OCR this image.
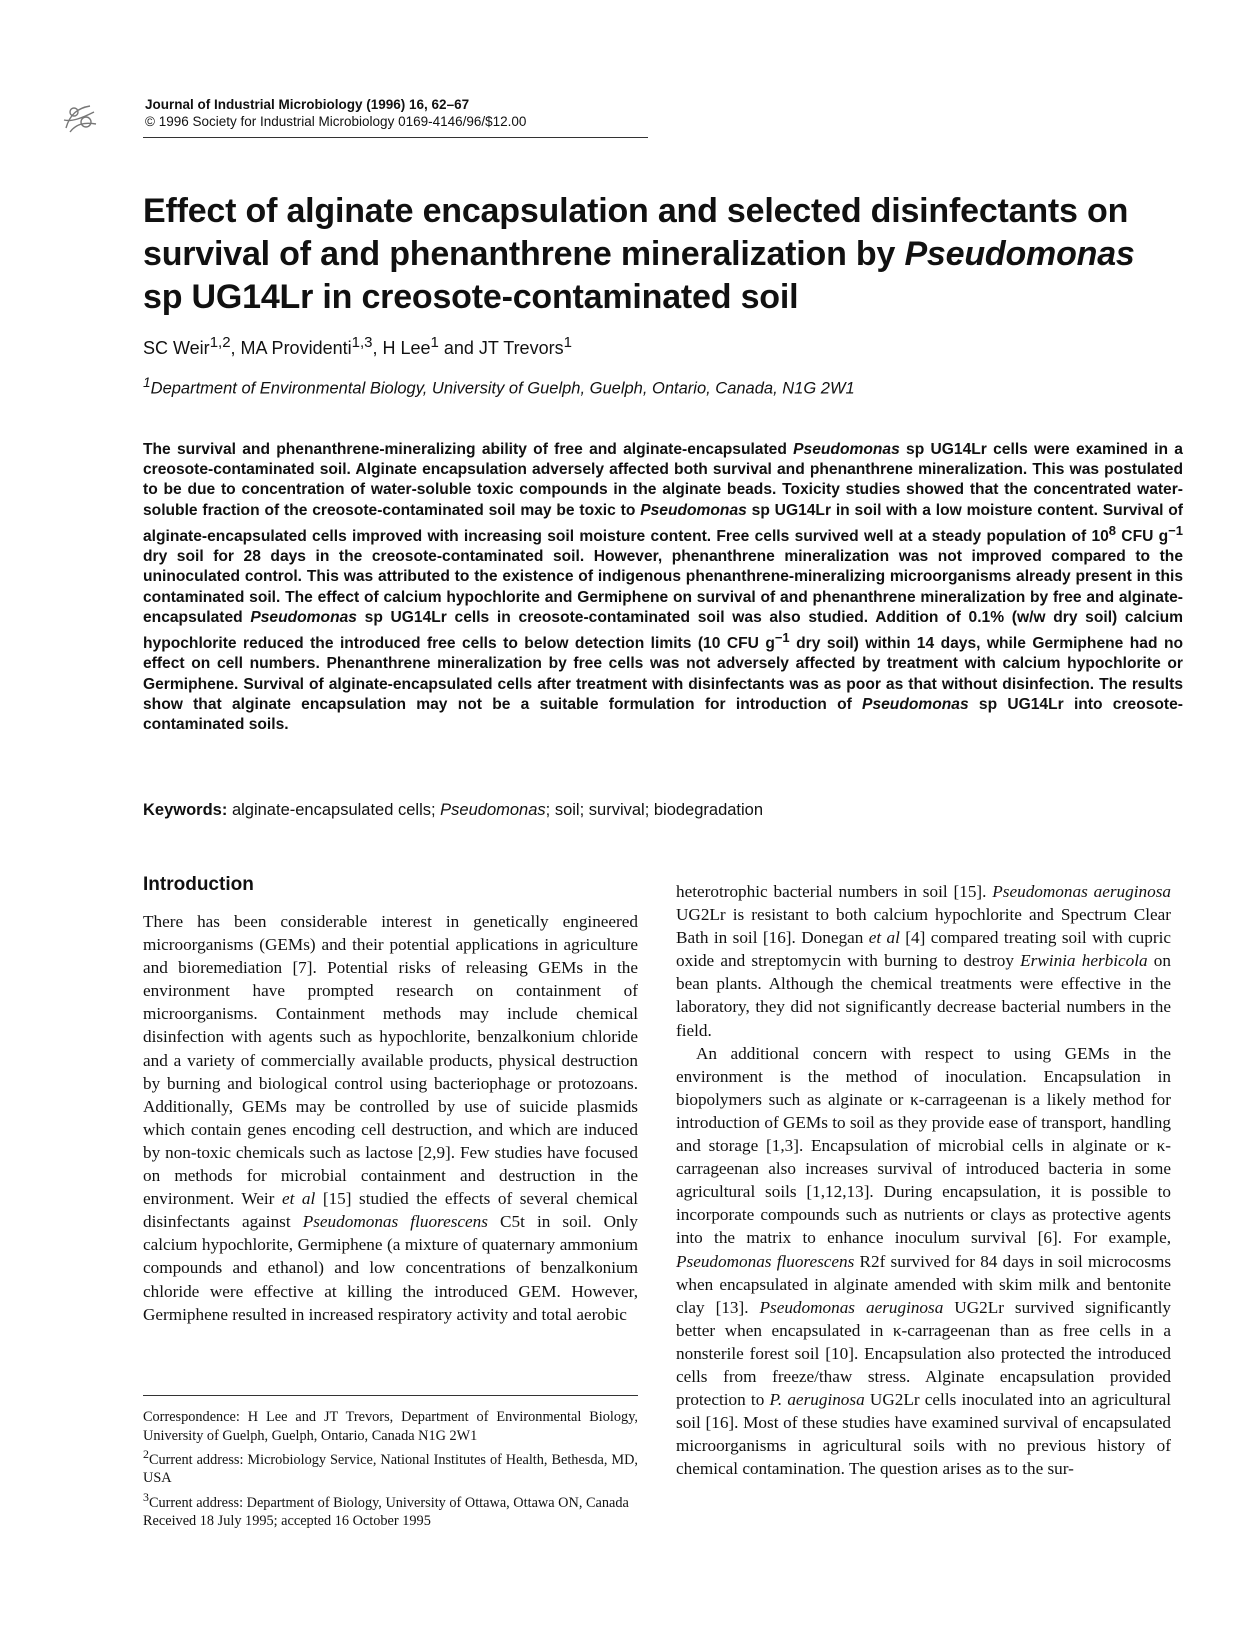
Journal of Industrial Microbiology (1996) 16, 62–67
© 1996 Society for Industrial Microbiology 0169-4146/96/$12.00
Effect of alginate encapsulation and selected disinfectants on survival of and phenanthrene mineralization by Pseudomonas sp UG14Lr in creosote-contaminated soil
SC Weir$^{1,2}$, MA Providenti$^{1,3}$, H Lee$^1$ and JT Trevors$^1$
$^1$Department of Environmental Biology, University of Guelph, Guelph, Ontario, Canada, N1G 2W1

The survival and phenanthrene-mineralizing ability of free and alginate-encapsulated Pseudomonas sp UG14Lr cells were examined in a creosote-contaminated soil. Alginate encapsulation adversely affected both survival and phenanthrene mineralization. This was postulated to be due to concentration of water-soluble toxic compounds in the alginate beads. Toxicity studies showed that the concentrated water-soluble fraction of the creosote-contaminated soil may be toxic to Pseudomonas sp UG14Lr in soil with a low moisture content. Survival of alginate-encapsulated cells improved with increasing soil moisture content. Free cells survived well at a steady population of $10^8$ CFU $g^{-1}$ dry soil for 28 days in the creosote-contaminated soil. However, phenanthrene mineralization was not improved compared to the uninoculated control. This was attributed to the existence of indigenous phenanthrene-mineralizing microorganisms already present in this contaminated soil. The effect of calcium hypochlorite and Germiphene on survival of and phenanthrene mineralization by free and alginate-encapsulated Pseudomonas sp UG14Lr cells in creosote-contaminated soil was also studied. Addition of 0.1% (w/w dry soil) calcium hypochlorite reduced the introduced free cells to below detection limits (10 CFU $g^{-1}$ dry soil) within 14 days, while Germiphene had no effect on cell numbers. Phenanthrene mineralization by free cells was not adversely affected by treatment with calcium hypochlorite or Germiphene. Survival of alginate-encapsulated cells after treatment with disinfectants was as poor as that without disinfection. The results show that alginate encapsulation may not be a suitable formulation for introduction of Pseudomonas sp UG14Lr into creosote-contaminated soils.

Keywords: alginate-encapsulated cells; Pseudomonas; soil; survival; biodegradation
Introduction

There has been considerable interest in genetically engineered microorganisms (GEMs) and their potential applications in agriculture and bioremediation [7]. Potential risks of releasing GEMs in the environment have prompted research on containment of microorganisms. Containment methods may include chemical disinfection with agents such as hypochlorite, benzalkonium chloride and a variety of commercially available products, physical destruction by burning and biological control using bacteriophage or protozoans. Additionally, GEMs may be controlled by use of suicide plasmids which contain genes encoding cell destruction, and which are induced by non-toxic chemicals such as lactose [2,9]. Few studies have focused on methods for microbial containment and destruction in the environment. Weir et al [15] studied the effects of several chemical disinfectants against Pseudomonas fluorescens C5t in soil. Only calcium hypochlorite, Germiphene (a mixture of quaternary ammonium compounds and ethanol) and low concentrations of benzalkonium chloride were effective at killing the introduced GEM. However, Germiphene resulted in increased respiratory activity and total aerobic

Correspondence: H Lee and JT Trevors, Department of Environmental Biology, University of Guelph, Guelph, Ontario, Canada N1G 2W1

$^2$Current address: Microbiology Service, National Institutes of Health, Bethesda, MD, USA

$^3$Current address: Department of Biology, University of Ottawa, Ottawa ON, Canada

Received 18 July 1995; accepted 16 October 1995

heterotrophic bacterial numbers in soil [15]. Pseudomonas aeruginosa UG2Lr is resistant to both calcium hypochlorite and Spectrum Clear Bath in soil [16]. Donegan et al [4] compared treating soil with cupric oxide and streptomycin with burning to destroy Erwinia herbicola on bean plants. Although the chemical treatments were effective in the laboratory, they did not significantly decrease bacterial numbers in the field.

An additional concern with respect to using GEMs in the environment is the method of inoculation. Encapsulation in biopolymers such as alginate or κ-carrageenan is a likely method for introduction of GEMs to soil as they provide ease of transport, handling and storage [1,3]. Encapsulation of microbial cells in alginate or κ-carrageenan also increases survival of introduced bacteria in some agricultural soils [1,12,13]. During encapsulation, it is possible to incorporate compounds such as nutrients or clays as protective agents into the matrix to enhance inoculum survival [6]. For example, Pseudomonas fluorescens R2f survived for 84 days in soil microcosms when encapsulated in alginate amended with skim milk and bentonite clay [13]. Pseudomonas aeruginosa UG2Lr survived significantly better when encapsulated in κ-carrageenan than as free cells in a nonsterile forest soil [10]. Encapsulation also protected the introduced cells from freeze/thaw stress. Alginate encapsulation provided protection to P. aeruginosa UG2Lr cells inoculated into an agricultural soil [16]. Most of these studies have examined survival of encapsulated microorganisms in agricultural soils with no previous history of chemical contamination. The question arises as to the sur-
